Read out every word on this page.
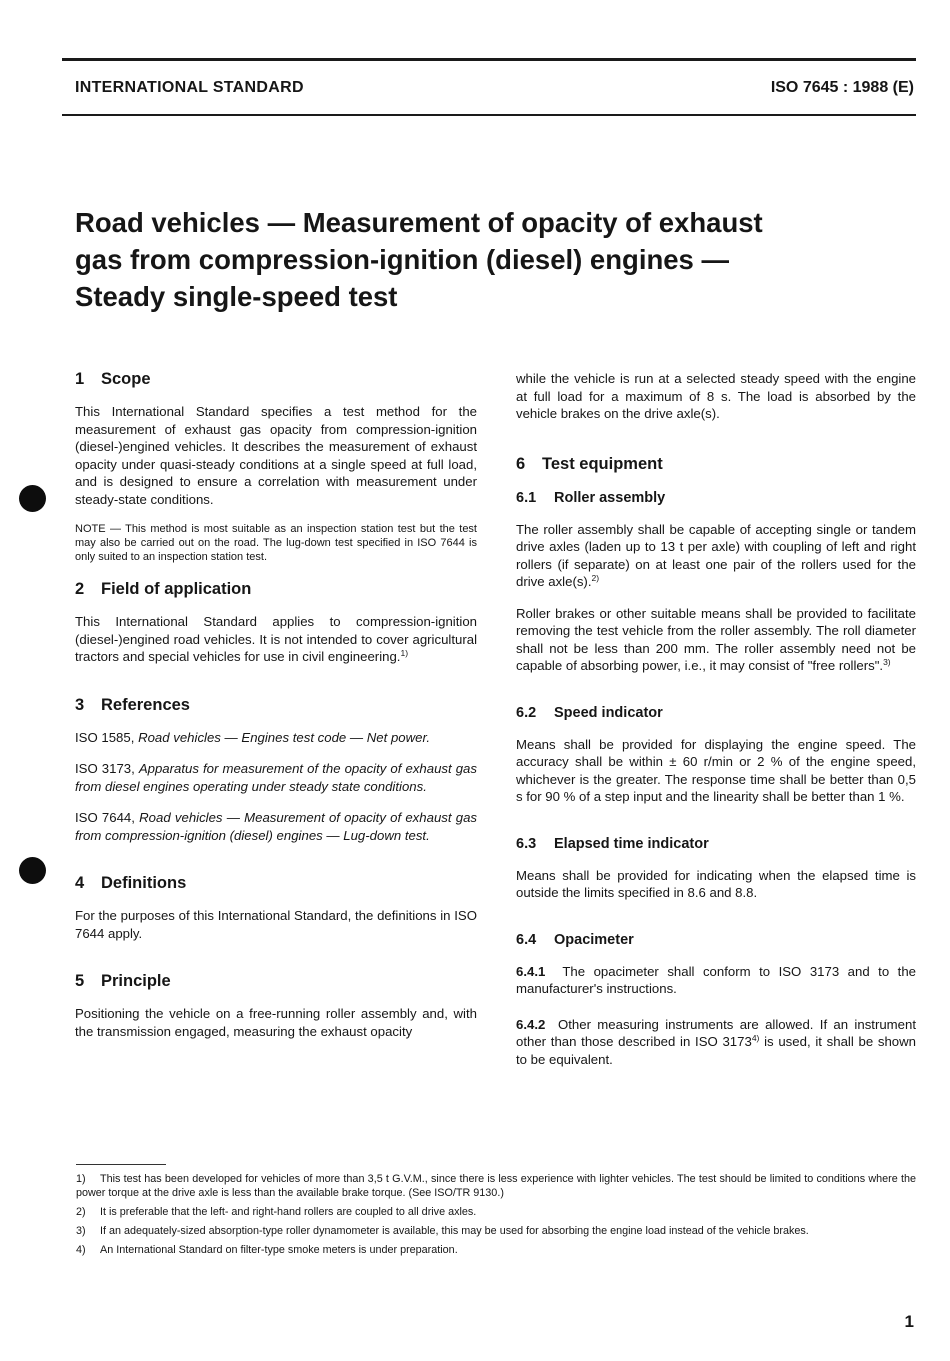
INTERNATIONAL STANDARD	ISO 7645 : 1988 (E)
Road vehicles — Measurement of opacity of exhaust
gas from compression-ignition (diesel) engines —
Steady single-speed test
1 Scope

This International Standard specifies a test method for the measurement of exhaust gas opacity from compression-ignition (diesel-)engined vehicles. It describes the measurement of exhaust opacity under quasi-steady conditions at a single speed at full load, and is designed to ensure a correlation with measurement under steady-state conditions.

NOTE — This method is most suitable as an inspection station test but the test may also be carried out on the road. The lug-down test specified in ISO 7644 is only suited to an inspection station test.

2 Field of application

This International Standard applies to compression-ignition (diesel-)engined road vehicles. It is not intended to cover agricultural tractors and special vehicles for use in civil engineering.$^{1)}$

3 References

ISO 1585, Road vehicles — Engines test code — Net power.

ISO 3173, Apparatus for measurement of the opacity of exhaust gas from diesel engines operating under steady state conditions.

ISO 7644, Road vehicles — Measurement of opacity of exhaust gas from compression-ignition (diesel) engines — Lug-down test.

4 Definitions

For the purposes of this International Standard, the definitions in ISO 7644 apply.

5 Principle

Positioning the vehicle on a free-running roller assembly and, with the transmission engaged, measuring the exhaust opacity

while the vehicle is run at a selected steady speed with the engine at full load for a maximum of 8 s. The load is absorbed by the vehicle brakes on the drive axle(s).

6 Test equipment
6.1 Roller assembly

The roller assembly shall be capable of accepting single or tandem drive axles (laden up to 13 t per axle) with coupling of left and right rollers (if separate) on at least one pair of the rollers used for the drive axle(s).$^{2)}$

Roller brakes or other suitable means shall be provided to facilitate removing the test vehicle from the roller assembly. The roll diameter shall not be less than 200 mm. The roller assembly need not be capable of absorbing power, i.e., it may consist of "free rollers".$^{3)}$

6.2 Speed indicator

Means shall be provided for displaying the engine speed. The accuracy shall be within ± 60 r/min or 2 % of the engine speed, whichever is the greater. The response time shall be better than 0,5 s for 90 % of a step input and the linearity shall be better than 1 %.

6.3 Elapsed time indicator

Means shall be provided for indicating when the elapsed time is outside the limits specified in 8.6 and 8.8.

6.4 Opacimeter

6.4.1 The opacimeter shall conform to ISO 3173 and to the manufacturer's instructions.

6.4.2 Other measuring instruments are allowed. If an instrument other than those described in ISO 3173$^{4)}$ is used, it shall be shown to be equivalent.

1) This test has been developed for vehicles of more than 3,5 t G.V.M., since there is less experience with lighter vehicles. The test should be limited to conditions where the power torque at the drive axle is less than the available brake torque. (See ISO/TR 9130.)

2) It is preferable that the left- and right-hand rollers are coupled to all drive axles.

3) If an adequately-sized absorption-type roller dynamometer is available, this may be used for absorbing the engine load instead of the vehicle brakes.

4) An International Standard on filter-type smoke meters is under preparation.

1
